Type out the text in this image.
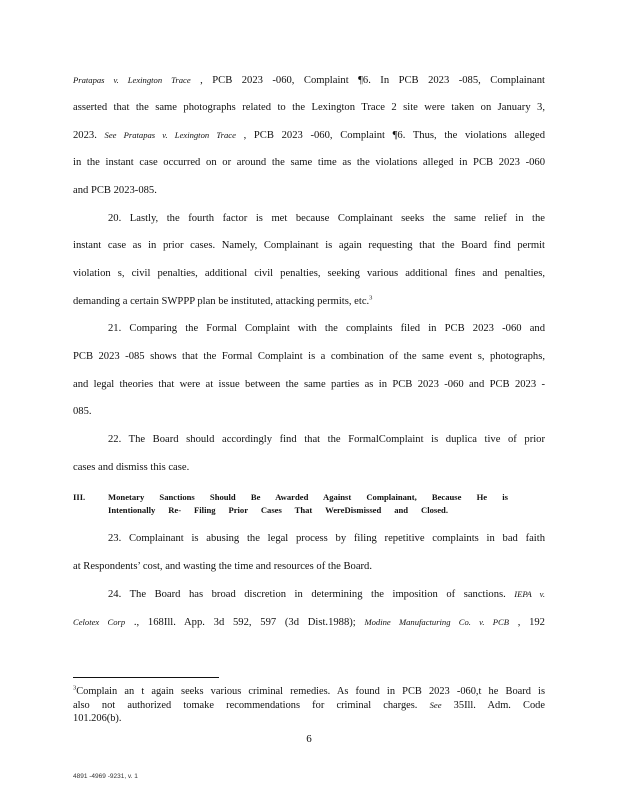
Pratapas v. Lexington Trace , PCB 2023 -060, Complaint ¶6. In PCB 2023 -085, Complainant
asserted that the same photographs related to the Lexington Trace 2 site were taken on January 3,
2023. See Pratapas v. Lexington Trace , PCB 2023 -060, Complaint ¶6. Thus, the violations alleged
in the instant case occurred on or around the same time as the violations alleged in PCB 2023 -060
and PCB 2023-085.
20. Lastly, the fourth factor is met because Complainant seeks the same relief in the
instant case as in prior cases. Namely, Complainant is again requesting that the Board find permit
violation s, civil penalties, additional civil penalties, seeking various additional fines and penalties,
demanding a certain SWPPP plan be instituted, attacking permits, etc.$^3$
21. Comparing the Formal Complaint with the complaints filed in PCB 2023 -060 and
PCB 2023 -085 shows that the Formal Complaint is a combination of the same event s, photographs,
and legal theories that were at issue between the same parties as in PCB 2023 -060 and PCB 2023 -
085.
22. The Board should accordingly find that the FormalComplaint is duplica tive of prior
cases and dismiss this case.
III.	Monetary Sanctions Should Be Awarded Against Complainant, Because He is
Intentionally Re- Filing Prior Cases That WereDismissed and Closed.
23. Complainant is abusing the legal process by filing repetitive complaints in bad faith
at Respondents’ cost, and wasting the time and resources of the Board.
24. The Board has broad discretion in determining the imposition of sanctions. IEPA v.
Celotex Corp ., 168Ill. App. 3d 592, 597 (3d Dist.1988); Modine Manufacturing Co. v. PCB , 192
$^3$Complain an t again seeks various criminal remedies. As found in PCB 2023 -060,t he Board is
also not authorized tomake recommendations for criminal charges. See 35Ill. Adm. Code
101.206(b).
6
4891 -4969 -9231, v. 1
